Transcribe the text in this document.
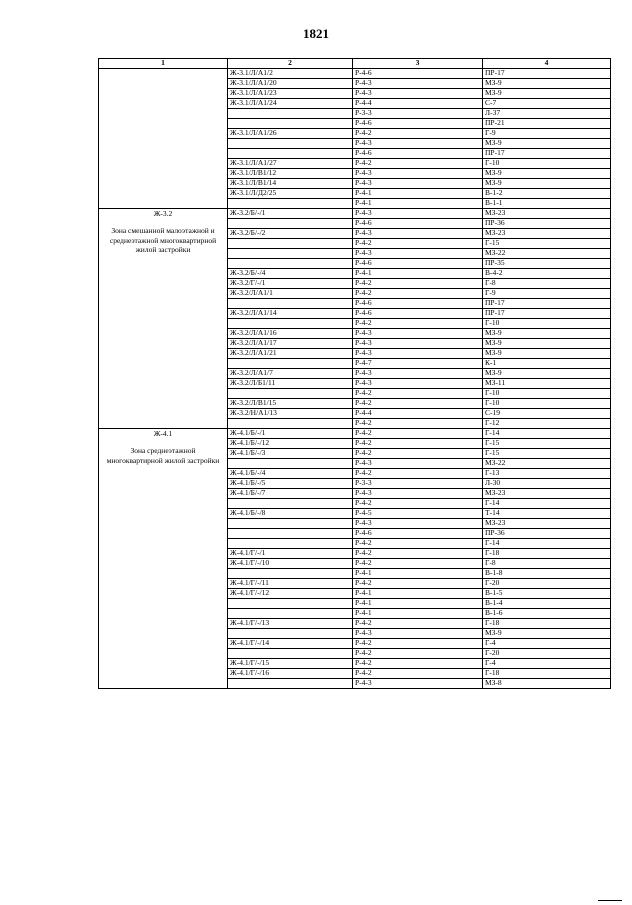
1821
1	2	3	4

	Ж-3.1/Л/А1/2	Р-4-6	ПР-17
	Ж-3.1/Л/А1/20	Р-4-3	МЗ-9
	Ж-3.1/Л/А1/23	Р-4-3	МЗ-9
	Ж-3.1/Л/А1/24	Р-4-4	С-7
		Р-3-3	Л-37
		Р-4-6	ПР-21
	Ж-3.1/Л/А1/26	Р-4-2	Г-9
		Р-4-3	МЗ-9
		Р-4-6	ПР-17
	Ж-3.1/Л/А1/27	Р-4-2	Г-10
	Ж-3.1/Л/В1/12	Р-4-3	МЗ-9
	Ж-3.1/Л/В1/14	Р-4-3	МЗ-9
	Ж-3.1/Л/Д2/25	Р-4-1	В-1-2
		Р-4-1	В-1-1

Ж-3.2
Зона смешанной малоэтажной и среднеэтажной многоквартирной жилой застройки	Ж-3.2/Б/-/1	Р-4-3	МЗ-23
		Р-4-6	ПР-36
	Ж-3.2/Б/-/2	Р-4-3	МЗ-23
		Р-4-2	Г-15
		Р-4-3	МЗ-22
		Р-4-6	ПР-35
	Ж-3.2/Б/-/4	Р-4-1	В-4-2
	Ж-3.2/Г/-/1	Р-4-2	Г-8
	Ж-3.2/Л/А1/1	Р-4-2	Г-9
		Р-4-6	ПР-17
	Ж-3.2/Л/А1/14	Р-4-6	ПР-17
		Р-4-2	Г-10
	Ж-3.2/Л/А1/16	Р-4-3	МЗ-9
	Ж-3.2/Л/А1/17	Р-4-3	МЗ-9
	Ж-3.2/Л/А1/21	Р-4-3	МЗ-9
		Р-4-7	К-1
	Ж-3.2/Л/А1/7	Р-4-3	МЗ-9
	Ж-3.2/Л/Б1/11	Р-4-3	МЗ-11
		Р-4-2	Г-10
	Ж-3.2/Л/В1/15	Р-4-2	Г-10
	Ж-3.2/Н/А1/13	Р-4-4	С-19
		Р-4-2	Г-12

Ж-4.1
Зона среднеэтажной многоквартирной жилой застройки	Ж-4.1/Б/-/1	Р-4-2	Г-14
	Ж-4.1/Б/-/12	Р-4-2	Г-15
	Ж-4.1/Б/-/3	Р-4-2	Г-15
		Р-4-3	МЗ-22
	Ж-4.1/Б/-/4	Р-4-2	Г-13
	Ж-4.1/Б/-/5	Р-3-3	Л-30
	Ж-4.1/Б/-/7	Р-4-3	МЗ-23
		Р-4-2	Г-14
	Ж-4.1/Б/-/8	Р-4-5	Т-14
		Р-4-3	МЗ-23
		Р-4-6	ПР-36
		Р-4-2	Г-14
	Ж-4.1/Г/-/1	Р-4-2	Г-18
	Ж-4.1/Г/-/10	Р-4-2	Г-8
		Р-4-1	В-1-8
	Ж-4.1/Г/-/11	Р-4-2	Г-20
	Ж-4.1/Г/-/12	Р-4-1	В-1-5
		Р-4-1	В-1-4
		Р-4-1	В-1-6
	Ж-4.1/Г/-/13	Р-4-2	Г-18
		Р-4-3	МЗ-9
	Ж-4.1/Г/-/14	Р-4-2	Г-4
		Р-4-2	Г-20
	Ж-4.1/Г/-/15	Р-4-2	Г-4
	Ж-4.1/Г/-/16	Р-4-2	Г-18
		Р-4-3	МЗ-8
